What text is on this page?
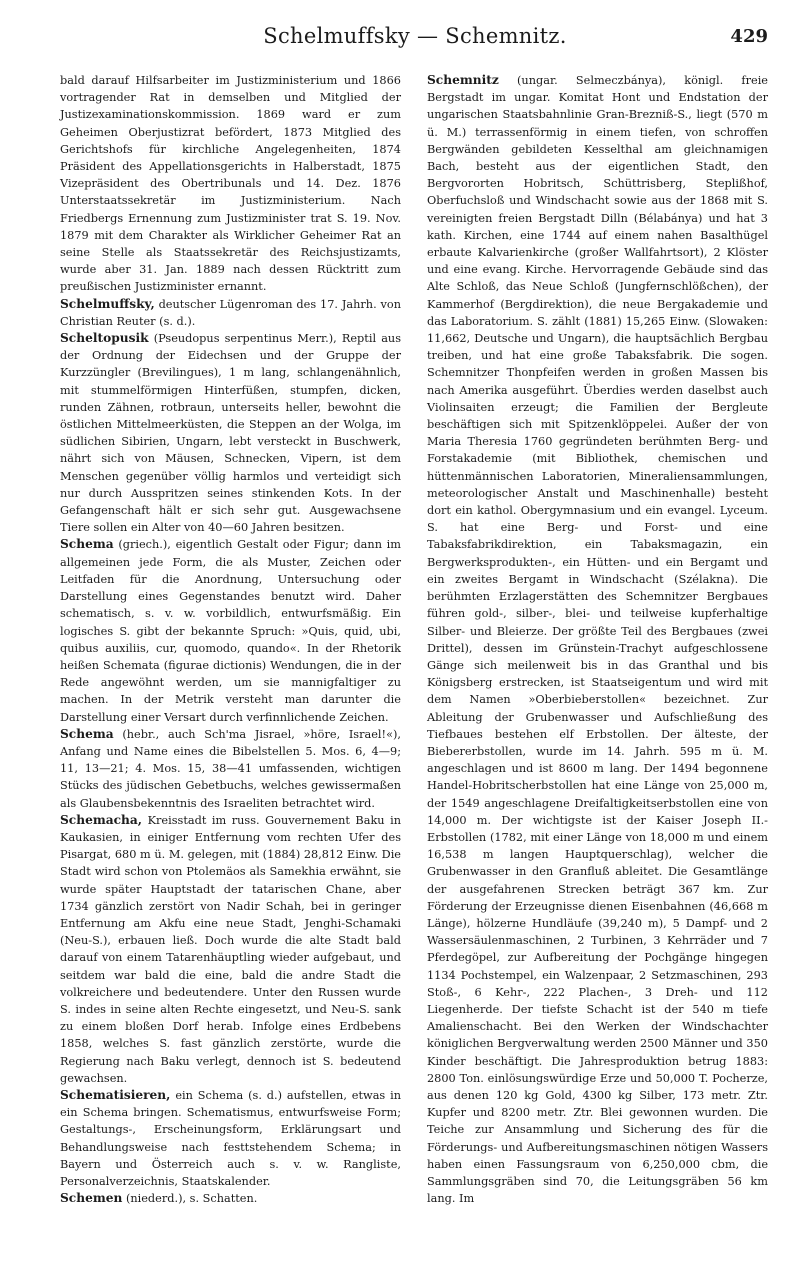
Schelmuffsky — Schemnitz.	429

bald darauf Hilfsarbeiter im Justizministerium und 1866 vortragender Rat in demselben und Mitglied der Justizexaminationskommission. 1869 ward er zum Geheimen Oberjustizrat befördert, 1873 Mitglied des Gerichtshofs für kirchliche Angelegenheiten, 1874 Präsident des Appellationsgerichts in Halberstadt, 1875 Vizepräsident des Obertribunals und 14. Dez. 1876 Unterstaatssekretär im Justizministerium. Nach Friedbergs Ernennung zum Justizminister trat S. 19. Nov. 1879 mit dem Charakter als Wirklicher Geheimer Rat an seine Stelle als Staatssekretär des Reichsjustizamts, wurde aber 31. Jan. 1889 nach dessen Rücktritt zum preußischen Justizminister ernannt.

Schelmuffsky, deutscher Lügenroman des 17. Jahrh. von Christian Reuter (s. d.).

Scheltopusik (Pseudopus serpentinus Merr.), Reptil aus der Ordnung der Eidechsen und der Gruppe der Kurzzüngler (Brevilingues), 1 m lang, schlangenähnlich, mit stummelförmigen Hinterfüßen, stumpfen, dicken, runden Zähnen, rotbraun, unterseits heller, bewohnt die östlichen Mittelmeerküsten, die Steppen an der Wolga, im südlichen Sibirien, Ungarn, lebt versteckt in Buschwerk, nährt sich von Mäusen, Schnecken, Vipern, ist dem Menschen gegenüber völlig harmlos und verteidigt sich nur durch Ausspritzen seines stinkenden Kots. In der Gefangenschaft hält er sich sehr gut. Ausgewachsene Tiere sollen ein Alter von 40—60 Jahren besitzen.

Schema (griech.), eigentlich Gestalt oder Figur; dann im allgemeinen jede Form, die als Muster, Zeichen oder Leitfaden für die Anordnung, Untersuchung oder Darstellung eines Gegenstandes benutzt wird. Daher schematisch, s. v. w. vorbildlich, entwurfsmäßig. Ein logisches S. gibt der bekannte Spruch: »Quis, quid, ubi, quibus auxiliis, cur, quomodo, quando«. In der Rhetorik heißen Schemata (figurae dictionis) Wendungen, die in der Rede angewöhnt werden, um sie mannigfaltiger zu machen. In der Metrik versteht man darunter die Darstellung einer Versart durch verfinnlichende Zeichen.

Schema (hebr., auch Sch'ma Jisrael, »höre, Israel!«), Anfang und Name eines die Bibelstellen 5. Mos. 6, 4—9; 11, 13—21; 4. Mos. 15, 38—41 umfassenden, wichtigen Stücks des jüdischen Gebetbuchs, welches gewissermaßen als Glaubensbekenntnis des Israeliten betrachtet wird.

Schemacha, Kreisstadt im russ. Gouvernement Baku in Kaukasien, in einiger Entfernung vom rechten Ufer des Pisargat, 680 m ü. M. gelegen, mit (1884) 28,812 Einw. Die Stadt wird schon von Ptolemäos als Samekhia erwähnt, sie wurde später Hauptstadt der tatarischen Chane, aber 1734 gänzlich zerstört von Nadir Schah, bei in geringer Entfernung am Akfu eine neue Stadt, Jenghi-Schamaki (Neu-S.), erbauen ließ. Doch wurde die alte Stadt bald darauf von einem Tatarenhäuptling wieder aufgebaut, und seitdem war bald die eine, bald die andre Stadt die volkreichere und bedeutendere. Unter den Russen wurde S. indes in seine alten Rechte eingesetzt, und Neu-S. sank zu einem bloßen Dorf herab. Infolge eines Erdbebens 1858, welches S. fast gänzlich zerstörte, wurde die Regierung nach Baku verlegt, dennoch ist S. bedeutend gewachsen.

Schematisieren, ein Schema (s. d.) aufstellen, etwas in ein Schema bringen. Schematismus, entwurfsweise Form; Gestaltungs-, Erscheinungsform, Erklärungsart und Behandlungsweise nach festtstehendem Schema; in Bayern und Österreich auch s. v. w. Rangliste, Personalverzeichnis, Staatskalender.

Schemen (niederd.), s. Schatten.

Schemnitz (ungar. Selmeczbánya), königl. freie Bergstadt im ungar. Komitat Hont und Endstation der ungarischen Staatsbahnlinie Gran-Brezniß-S., liegt (570 m ü. M.) terrassenförmig in einem tiefen, von schroffen Bergwänden gebildeten Kesselthal am gleichnamigen Bach, besteht aus der eigentlichen Stadt, den Bergvororten Hobritsch, Schüttrisberg, Steplißhof, Oberfuchsloß und Windschacht sowie aus der 1868 mit S. vereinigten freien Bergstadt Dilln (Bélabánya) und hat 3 kath. Kirchen, eine 1744 auf einem nahen Basalthügel erbaute Kalvarienkirche (großer Wallfahrtsort), 2 Klöster und eine evang. Kirche. Hervorragende Gebäude sind das Alte Schloß, das Neue Schloß (Jungfernschlößchen), der Kammerhof (Bergdirektion), die neue Bergakademie und das Laboratorium. S. zählt (1881) 15,265 Einw. (Slowaken: 11,662, Deutsche und Ungarn), die hauptsächlich Bergbau treiben, und hat eine große Tabaksfabrik. Die sogen. Schemnitzer Thonpfeifen werden in großen Massen bis nach Amerika ausgeführt. Überdies werden daselbst auch Violinsaiten erzeugt; die Familien der Bergleute beschäftigen sich mit Spitzenklöppelei. Außer der von Maria Theresia 1760 gegründeten berühmten Berg- und Forstakademie (mit Bibliothek, chemischen und hüttenmännischen Laboratorien, Mineraliensammlungen, meteorologischer Anstalt und Maschinenhalle) besteht dort ein kathol. Obergymnasium und ein evangel. Lyceum. S. hat eine Berg- und Forst- und eine Tabaksfabrikdirektion, ein Tabaksmagazin, ein Bergwerksprodukten-, ein Hütten- und ein Bergamt und ein zweites Bergamt in Windschacht (Szélakna). Die berühmten Erzlagerstätten des Schemnitzer Bergbaues führen gold-, silber-, blei- und teilweise kupferhaltige Silber- und Bleierze. Der größte Teil des Bergbaues (zwei Drittel), dessen im Grünstein-Trachyt aufgeschlossene Gänge sich meilenweit bis in das Granthal und bis Königsberg erstrecken, ist Staatseigentum und wird mit dem Namen »Oberbieberstollen« bezeichnet. Zur Ableitung der Grubenwasser und Aufschließung des Tiefbaues bestehen elf Erbstollen. Der älteste, der Biebererbstollen, wurde im 14. Jahrh. 595 m ü. M. angeschlagen und ist 8600 m lang. Der 1494 begonnene Handel-Hobritscherbstollen hat eine Länge von 25,000 m, der 1549 angeschlagene Dreifaltigkeitserbstollen eine von 14,000 m. Der wichtigste ist der Kaiser Joseph II.-Erbstollen (1782, mit einer Länge von 18,000 m und einem 16,538 m langen Hauptquerschlag), welcher die Grubenwasser in den Granfluß ableitet. Die Gesamtlänge der ausgefahrenen Strecken beträgt 367 km. Zur Förderung der Erzeugnisse dienen Eisenbahnen (46,668 m Länge), hölzerne Hundläufe (39,240 m), 5 Dampf- und 2 Wassersäulenmaschinen, 2 Turbinen, 3 Kehrräder und 7 Pferdegöpel, zur Aufbereitung der Pochgänge hingegen 1134 Pochstempel, ein Walzenpaar, 2 Setzmaschinen, 293 Stoß-, 6 Kehr-, 222 Plachen-, 3 Dreh- und 112 Liegenherde. Der tiefste Schacht ist der 540 m tiefe Amalienschacht. Bei den Werken der Windschachter königlichen Bergverwaltung werden 2500 Männer und 350 Kinder beschäftigt. Die Jahresproduktion betrug 1883: 2800 Ton. einlösungswürdige Erze und 50,000 T. Pocherze, aus denen 120 kg Gold, 4300 kg Silber, 173 metr. Ztr. Kupfer und 8200 metr. Ztr. Blei gewonnen wurden. Die Teiche zur Ansammlung und Sicherung des für die Förderungs- und Aufbereitungsmaschinen nötigen Wassers haben einen Fassungsraum von 6,250,000 cbm, die Sammlungsgräben sind 70, die Leitungsgräben 56 km lang. Im
